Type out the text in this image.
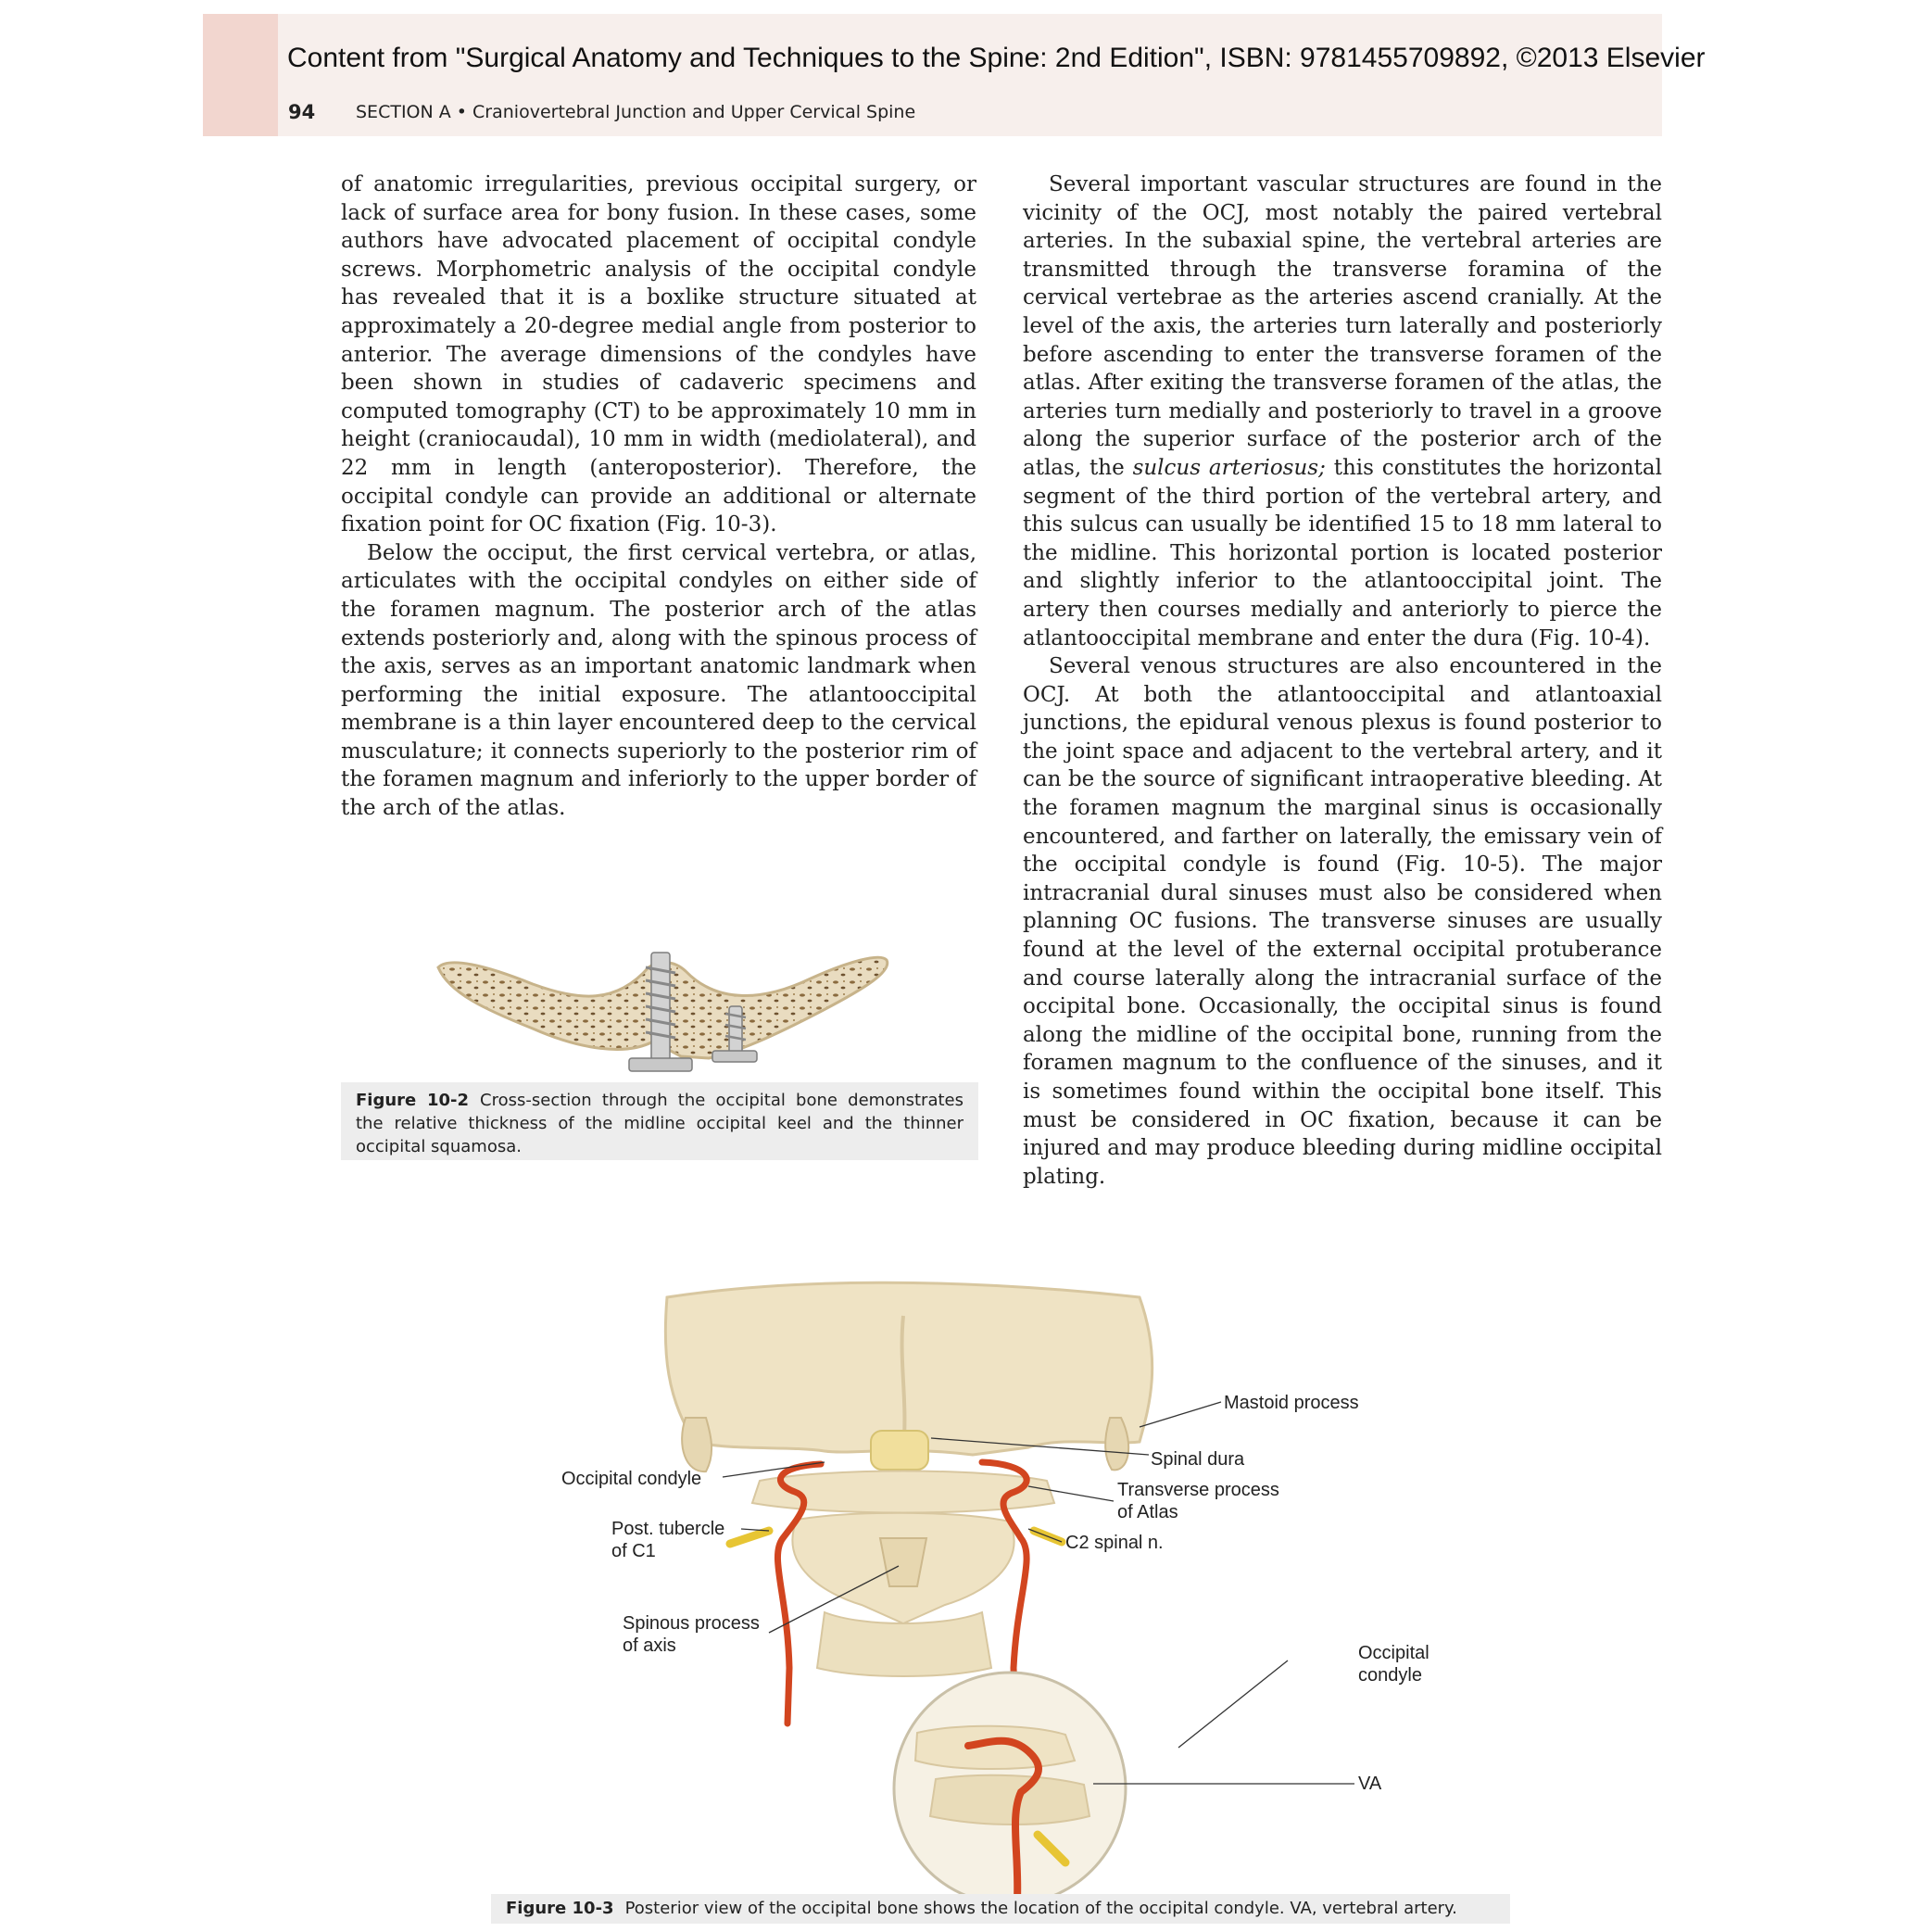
Content from "Surgical Anatomy and Techniques to the Spine: 2nd Edition", ISBN: 9781455709892, ©2013 Elsevier
94 SECTION A • Craniovertebral Junction and Upper Cervical Spine

of anatomic irregularities, previous occipital surgery, or lack of surface area for bony fusion. In these cases, some authors have advocated placement of occipital condyle screws. Morphometric analysis of the occipital condyle has revealed that it is a boxlike structure situated at approximately a 20-degree medial angle from posterior to anterior. The average dimensions of the condyles have been shown in studies of cadaveric specimens and computed tomography (CT) to be approximately 10 mm in height (craniocaudal), 10 mm in width (mediolateral), and 22 mm in length (anteroposterior). Therefore, the occipital condyle can provide an additional or alternate fixation point for OC fixation (Fig. 10-3).

Below the occiput, the first cervical vertebra, or atlas, articulates with the occipital condyles on either side of the foramen magnum. The posterior arch of the atlas extends posteriorly and, along with the spinous process of the axis, serves as an important anatomic landmark when performing the initial exposure. The atlantooccipital membrane is a thin layer encountered deep to the cervical musculature; it connects superiorly to the posterior rim of the foramen magnum and inferiorly to the upper border of the arch of the atlas.

Several important vascular structures are found in the vicinity of the OCJ, most notably the paired vertebral arteries. In the subaxial spine, the vertebral arteries are transmitted through the transverse foramina of the cervical vertebrae as the arteries ascend cranially. At the level of the axis, the arteries turn laterally and posteriorly before ascending to enter the transverse foramen of the atlas. After exiting the transverse foramen of the atlas, the arteries turn medially and posteriorly to travel in a groove along the superior surface of the posterior arch of the atlas, the sulcus arteriosus; this constitutes the horizontal segment of the third portion of the vertebral artery, and this sulcus can usually be identified 15 to 18 mm lateral to the midline. This horizontal portion is located posterior and slightly inferior to the atlantooccipital joint. The artery then courses medially and anteriorly to pierce the atlantooccipital membrane and enter the dura (Fig. 10-4).

Several venous structures are also encountered in the OCJ. At both the atlantooccipital and atlantoaxial junctions, the epidural venous plexus is found posterior to the joint space and adjacent to the vertebral artery, and it can be the source of significant intraoperative bleeding. At the foramen magnum the marginal sinus is occasionally encountered, and farther on laterally, the emissary vein of the occipital condyle is found (Fig. 10-5). The major intracranial dural sinuses must also be considered when planning OC fusions. The transverse sinuses are usually found at the level of the external occipital protuberance and course laterally along the intracranial surface of the occipital bone. Occasionally, the occipital sinus is found along the midline of the occipital bone, running from the foramen magnum to the confluence of the sinuses, and it is sometimes found within the occipital bone itself. This must be considered in OC fixation, because it can be injured and may produce bleeding during midline occipital plating.

Figure 10-2 Cross-section through the occipital bone demonstrates the relative thickness of the midline occipital keel and the thinner occipital squamosa.
Mastoid process
Spinal dura
Occipital condyle
Transverse process
of Atlas
Post. tubercle
of C1	C2 spinal n.
Spinous process
of axis	Occipital
condyle
VA
Figure 10-3 Posterior view of the occipital bone shows the location of the occipital condyle. VA, vertebral artery.
